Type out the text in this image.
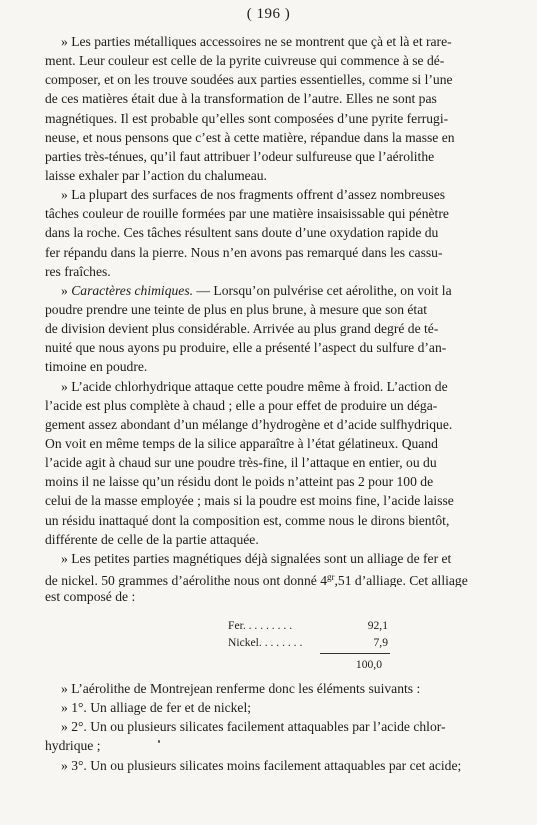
( 196 )
» Les parties métalliques accessoires ne se montrent que çà et là et rare-
ment. Leur couleur est celle de la pyrite cuivreuse qui commence à se dé-
composer, et on les trouve soudées aux parties essentielles, comme si l’une
de ces matières était due à la transformation de l’autre. Elles ne sont pas
magnétiques. Il est probable qu’elles sont composées d’une pyrite ferrugi-
neuse, et nous pensons que c’est à cette matière, répandue dans la masse en
parties très-ténues, qu’il faut attribuer l’odeur sulfureuse que l’aérolithe
laisse exhaler par l’action du chalumeau.
» La plupart des surfaces de nos fragments offrent d’assez nombreuses
tâches couleur de rouille formées par une matière insaisissable qui pénètre
dans la roche. Ces tâches résultent sans doute d’une oxydation rapide du
fer répandu dans la pierre. Nous n’en avons pas remarqué dans les cassu-
res fraîches.
» Caractères chimiques. — Lorsqu’on pulvérise cet aérolithe, on voit la
poudre prendre une teinte de plus en plus brune, à mesure que son état
de division devient plus considérable. Arrivée au plus grand degré de té-
nuité que nous ayons pu produire, elle a présenté l’aspect du sulfure d’an-
timoine en poudre.
» L’acide chlorhydrique attaque cette poudre même à froid. L’action de
l’acide est plus complète à chaud ; elle a pour effet de produire un déga-
gement assez abondant d’un mélange d’hydrogène et d’acide sulfhydrique.
On voit en même temps de la silice apparaître à l’état gélatineux. Quand
l’acide agit à chaud sur une poudre très-fine, il l’attaque en entier, ou du
moins il ne laisse qu’un résidu dont le poids n’atteint pas 2 pour 100 de
celui de la masse employée ; mais si la poudre est moins fine, l’acide laisse
un résidu inattaqué dont la composition est, comme nous le dirons bientôt,
différente de celle de la partie attaquée.
» Les petites parties magnétiques déjà signalées sont un alliage de fer et
de nickel. 50 grammes d’aérolithe nous ont donné $4^{gr},51$ d’alliage. Cet alliage
est composé de :
Fer. . . . . . . . .	92,1
Nickel. . . . . . . .	7,9
100,0
» L’aérolithe de Montrejean renferme donc les éléments suivants :
» 1°. Un alliage de fer et de nickel;
» 2°. Un ou plusieurs silicates facilement attaquables par l’acide chlor-
hydrique ;
» 3°. Un ou plusieurs silicates moins facilement attaquables par cet acide;
